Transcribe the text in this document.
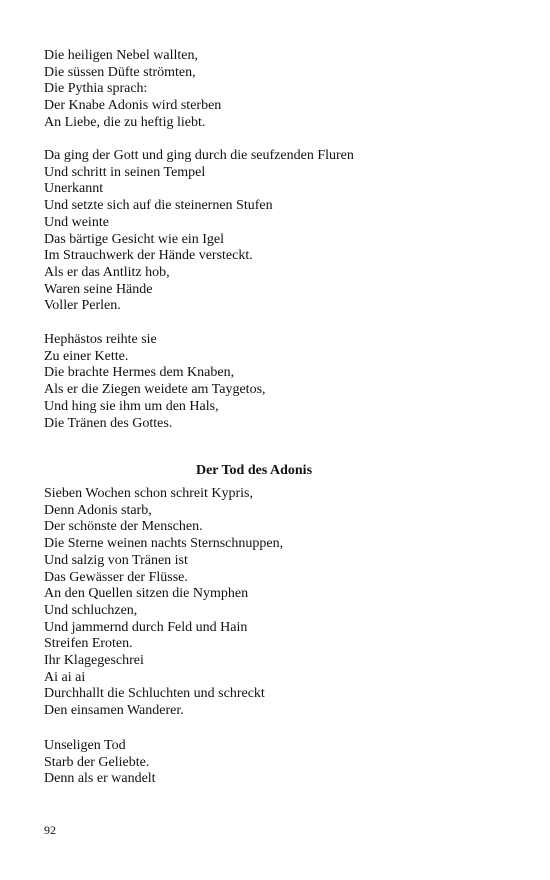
Die heiligen Nebel wallten,
Die süssen Düfte strömten,
Die Pythia sprach:
Der Knabe Adonis wird sterben
An Liebe, die zu heftig liebt.
Da ging der Gott und ging durch die seufzenden Fluren
Und schritt in seinen Tempel
Unerkannt
Und setzte sich auf die steinernen Stufen
Und weinte
Das bärtige Gesicht wie ein Igel
Im Strauchwerk der Hände versteckt.
Als er das Antlitz hob,
Waren seine Hände
Voller Perlen.
Hephästos reihte sie
Zu einer Kette.
Die brachte Hermes dem Knaben,
Als er die Ziegen weidete am Taygetos,
Und hing sie ihm um den Hals,
Die Tränen des Gottes.
Der Tod des Adonis
Sieben Wochen schon schreit Kypris,
Denn Adonis starb,
Der schönste der Menschen.
Die Sterne weinen nachts Sternschnuppen,
Und salzig von Tränen ist
Das Gewässer der Flüsse.
An den Quellen sitzen die Nymphen
Und schluchzen,
Und jammernd durch Feld und Hain
Streifen Eroten.
Ihr Klagegeschrei
Ai ai ai
Durchhallt die Schluchten und schreckt
Den einsamen Wanderer.
Unseligen Tod
Starb der Geliebte.
Denn als er wandelt
92
